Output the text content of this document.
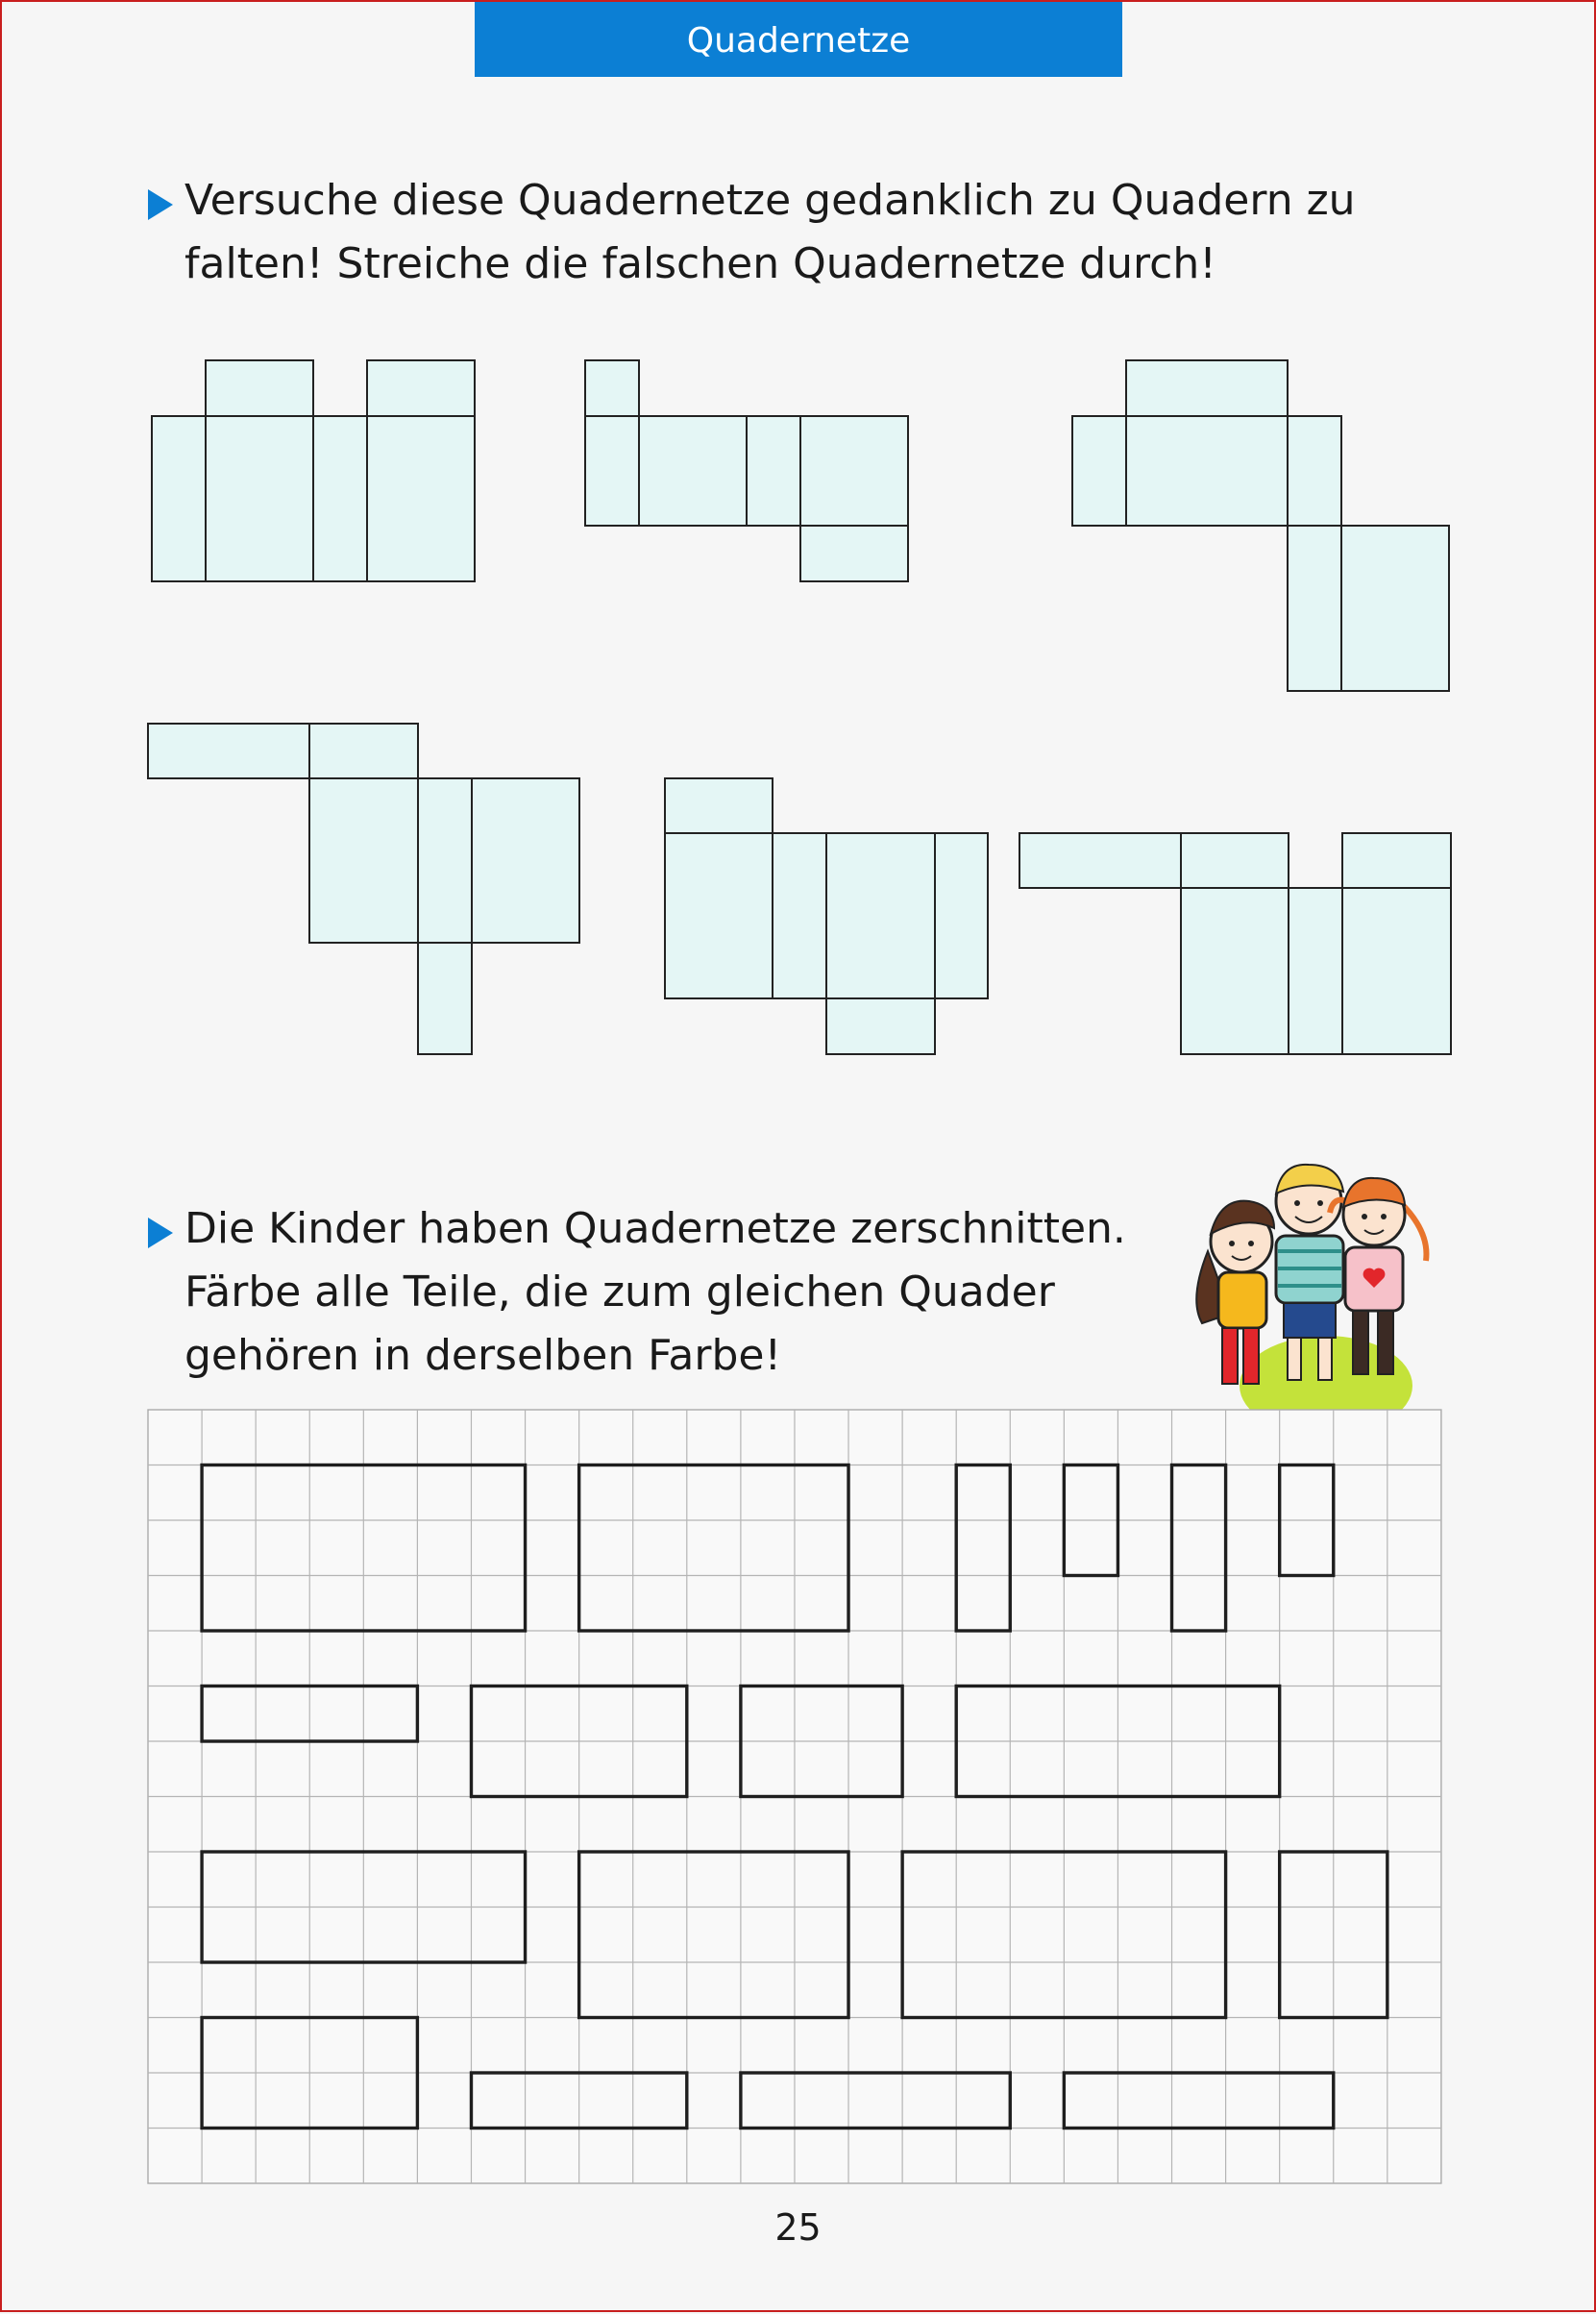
Quadernetze
Versuche diese Quadernetze gedanklich zu Quadern zu
falten! Streiche die falschen Quadernetze durch!
Die Kinder haben Quadernetze zerschnitten.
Färbe alle Teile, die zum gleichen Quader
gehören in derselben Farbe!
25
